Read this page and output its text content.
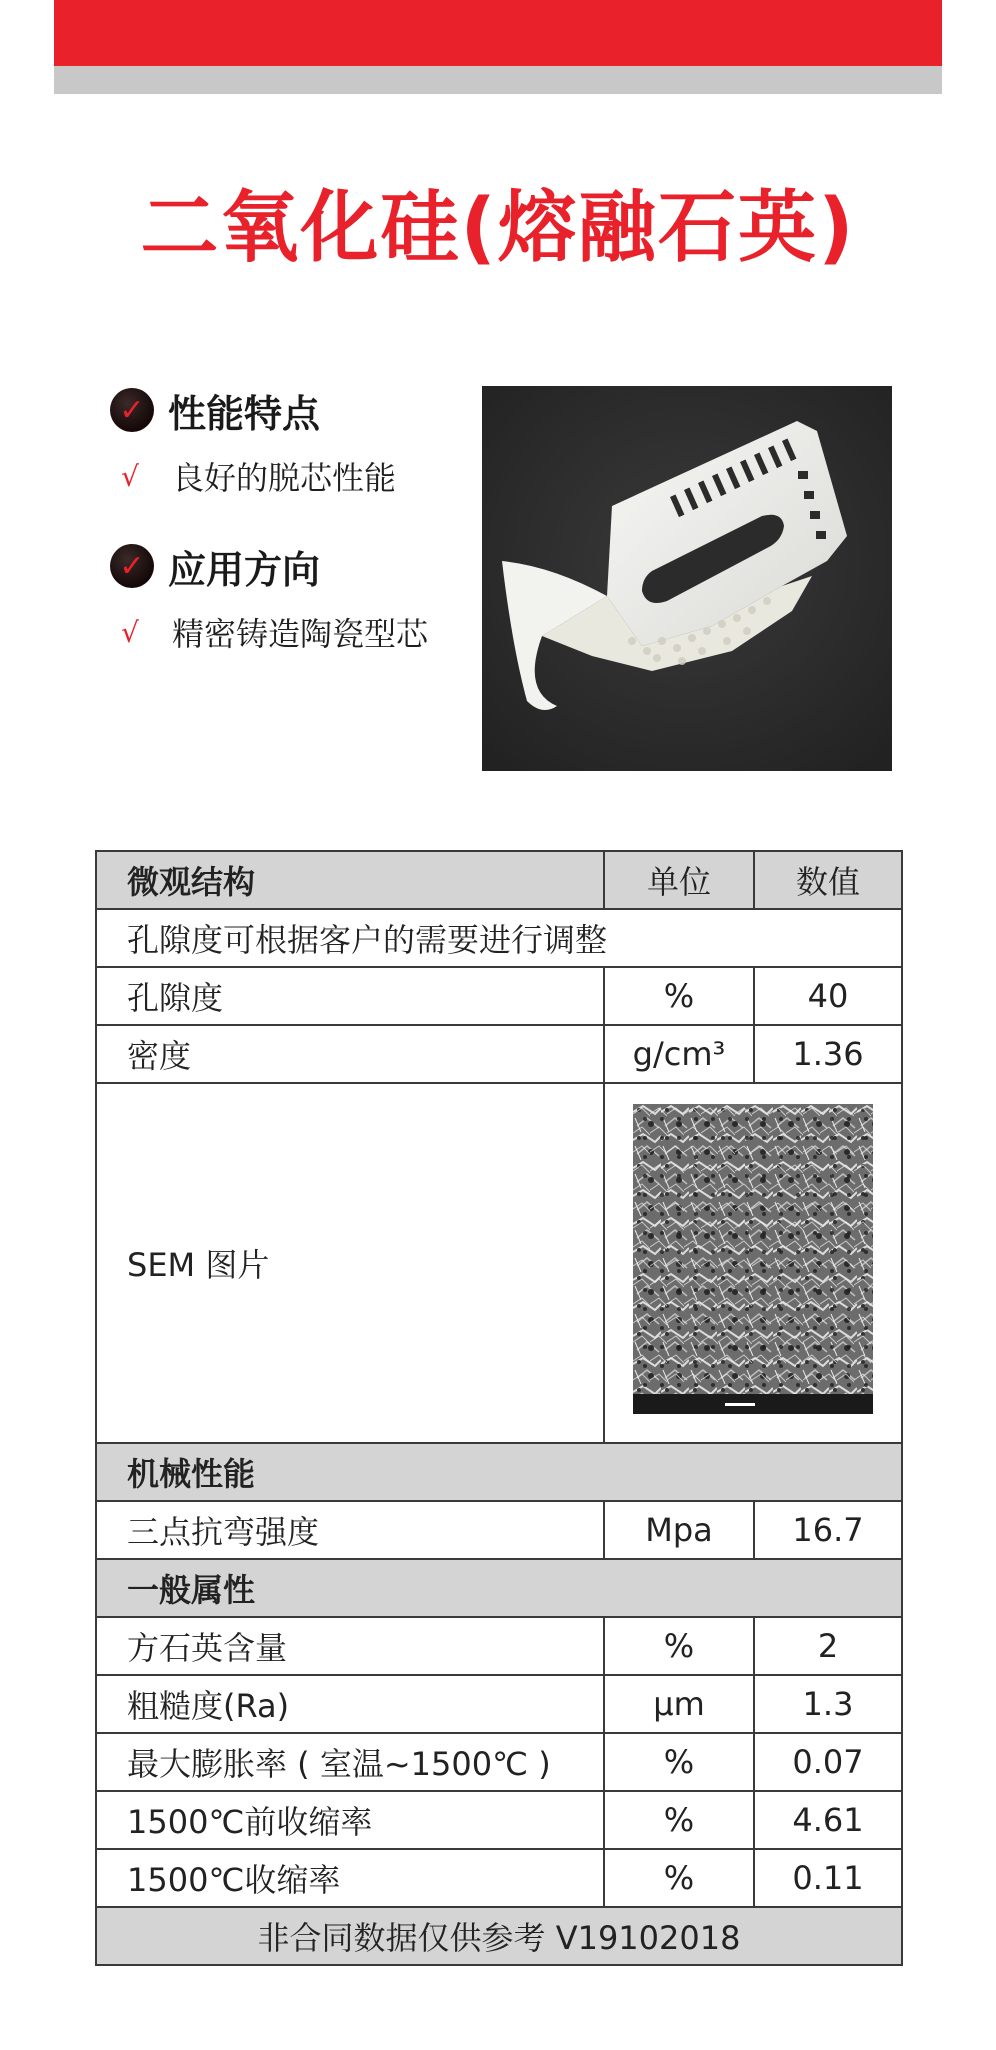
二氧化硅(熔融石英)
✓ 性能特点
√	良好的脱芯性能
✓ 应用方向
√	精密铸造陶瓷型芯
微观结构	单位	数值
孔隙度可根据客户的需要进行调整		
孔隙度	%	40
密度	g/cm³	1.36
SEM 图片	
机械性能		
三点抗弯强度	Mpa	16.7
一般属性		
方石英含量	%	2
粗糙度(Ra)	μm	1.3
最大膨胀率 ( 室温~1500℃ )	%	0.07
1500℃前收缩率	%	4.61
1500℃收缩率	%	0.11
非合同数据仅供参考 V19102018		
